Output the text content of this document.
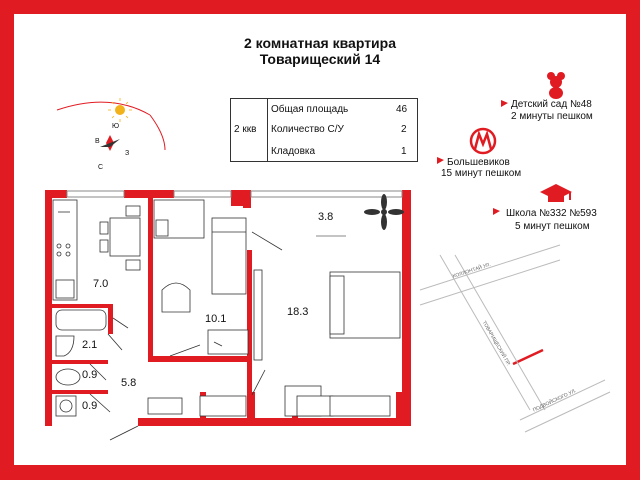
2 комнатная квартира
Товарищеский 14
2 ккв
Общая площадь	46
Количество С/У	2
Кладовка	1
Ю
В
З
С
Детский сад №48
2 минуты пешком
Большевиков
15 минут пешком
Школа №332 №593
5 минут пешком
7.0
3.8
10.1
18.3
2.1
0.9
0.9
5.8
КОЛЛОНТАЙ УЛ.
ТОВАРИЩЕСКИЙ ПР.
ПОДВОЙСКОГО УЛ.
